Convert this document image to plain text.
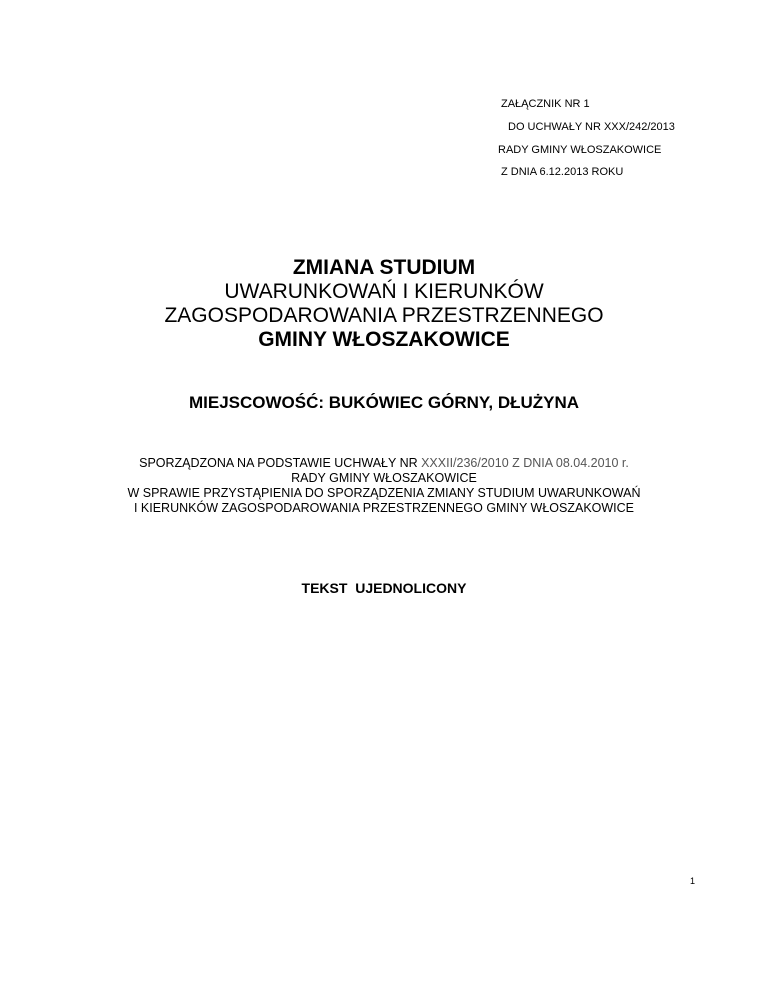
ZAŁĄCZNIK NR 1
DO UCHWAŁY NR XXX/242/2013
RADY GMINY WŁOSZAKOWICE
Z DNIA 6.12.2013 ROKU
ZMIANA STUDIUM
UWARUNKOWAŃ I KIERUNKÓW
ZAGOSPODAROWANIA PRZESTRZENNEGO
GMINY WŁOSZAKOWICE
MIEJSCOWOŚĆ: BUKÓWIEC GÓRNY, DŁUŻYNA
SPORZĄDZONA NA PODSTAWIE UCHWAŁY NR XXXII/236/2010 Z DNIA 08.04.2010 r.
RADY GMINY WŁOSZAKOWICE
W SPRAWIE PRZYSTĄPIENIA DO SPORZĄDZENIA ZMIANY STUDIUM UWARUNKOWAŃ
I KIERUNKÓW ZAGOSPODAROWANIA PRZESTRZENNEGO GMINY WŁOSZAKOWICE
TEKST  UJEDNOLICONY
1
